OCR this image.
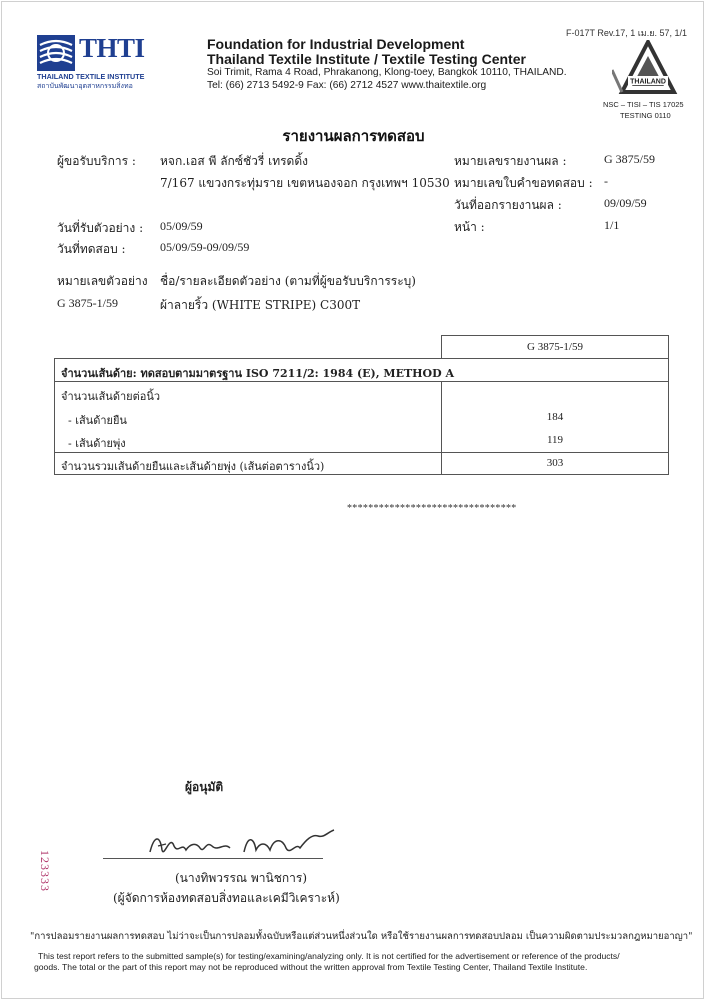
F-017T Rev.17, 1 เม.ย. 57, 1/1
THTI
THAILAND TEXTILE INSTITUTE
สถาบันพัฒนาอุตสาหกรรมสิ่งทอ
Foundation for Industrial Development
Thailand Textile Institute / Textile Testing Center
Soi Trimit, Rama 4 Road, Phrakanong, Klong-toey, Bangkok 10110, THAILAND.
Tel: (66) 2713 5492-9 Fax: (66) 2712 4527 www.thaitextile.org	THAILAND
NSC – TISI – TIS 17025
TESTING 0110
รายงานผลการทดสอบ
ผู้ขอรับบริการ : หจก.เอส พี ลักซ์ชัวรี่ เทรดดิ้ง
7/167 แขวงกระทุ่มราย เขตหนองจอก กรุงเทพฯ 10530
หมายเลขรายงานผล :	G 3875/59
หมายเลขใบคำขอทดสอบ : -
วันที่ออกรายงานผล :	09/09/59
หน้า :	1/1
วันที่รับตัวอย่าง : 05/09/59
วันที่ทดสอบ :	05/09/59-09/09/59
หมายเลขตัวอย่าง ชื่อ/รายละเอียดตัวอย่าง (ตามที่ผู้ขอรับบริการระบุ)
G 3875-1/59	ผ้าลายริ้ว (WHITE STRIPE) C300T
G 3875-1/59
จำนวนเส้นด้าย: ทดสอบตามมาตรฐาน ISO 7211/2: 1984 (E), METHOD A
จำนวนเส้นด้ายต่อนิ้ว
- เส้นด้ายยืน	184
- เส้นด้ายพุ่ง	119
จำนวนรวมเส้นด้ายยืนและเส้นด้ายพุ่ง (เส้นต่อตารางนิ้ว)	303
********************************
ผู้อนุมัติ
(นางทิพวรรณ พานิชการ)
(ผู้จัดการห้องทดสอบสิ่งทอและเคมีวิเคราะห์)
123333
"การปลอมรายงานผลการทดสอบ ไม่ว่าจะเป็นการปลอมทั้งฉบับหรือแต่ส่วนหนึ่งส่วนใด หรือใช้รายงานผลการทดสอบปลอม เป็นความผิดตามประมวลกฎหมายอาญา"
This test report refers to the submitted sample(s) for testing/examining/analyzing only. It is not certified for the advertisement or reference of the products/
goods. The total or the part of this report may not be reproduced without the written approval from Textile Testing Center, Thailand Textile Institute.
